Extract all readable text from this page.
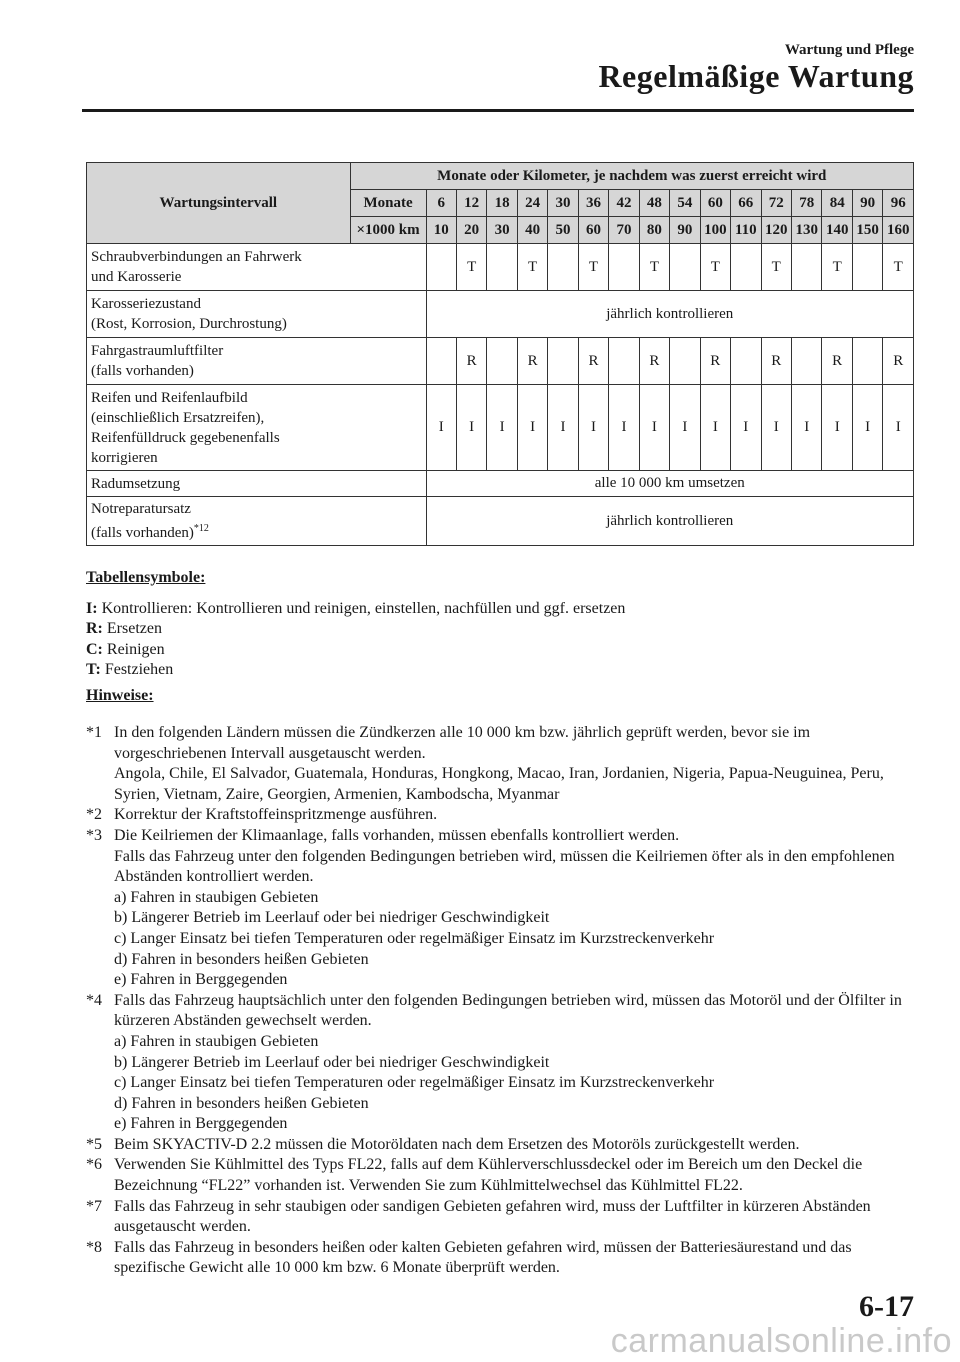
Wartung und Pflege
Regelmäßige Wartung
Wartungsintervall	Monate oder Kilometer, je nachdem was zuerst erreicht wird																
	Monate	6	12	18	24	30	36	42	48	54	60	66	72	78	84	90	96
	×1000 km	10	20	30	40	50	60	70	80	90	100	110	120	130	140	150	160
Schraubverbindungen an Fahrwerk
und Karosserie			T		T		T		T		T		T		T		T
Karosseriezustand
(Rost, Korrosion, Durchrostung)		jährlich kontrollieren															
Fahrgastraumluftfilter
(falls vorhanden)			R		R		R		R		R		R		R		R
Reifen und Reifenlaufbild
(einschließlich Ersatzreifen),
Reifenfülldruck gegebenenfalls
korrigieren		I	I	I	I	I	I	I	I	I	I	I	I	I	I	I	I
Radumsetzung		alle 10 000 km umsetzen															
Notreparatursatz
(falls vorhanden)$^{*12}$		jährlich kontrollieren															
Tabellensymbole:
I: Kontrollieren: Kontrollieren und reinigen, einstellen, nachfüllen und ggf. ersetzen
R: Ersetzen
C: Reinigen
T: Festziehen
Hinweise:
*1 In den folgenden Ländern müssen die Zündkerzen alle 10 000 km bzw. jährlich geprüft werden, bevor sie im vorgeschriebenen Intervall ausgetauscht werden.
Angola, Chile, El Salvador, Guatemala, Honduras, Hongkong, Macao, Iran, Jordanien, Nigeria, Papua-Neuguinea, Peru, Syrien, Vietnam, Zaire, Georgien, Armenien, Kambodscha, Myanmar
*2 Korrektur der Kraftstoffeinspritzmenge ausführen.
*3 Die Keilriemen der Klimaanlage, falls vorhanden, müssen ebenfalls kontrolliert werden.
Falls das Fahrzeug unter den folgenden Bedingungen betrieben wird, müssen die Keilriemen öfter als in den empfohlenen Abständen kontrolliert werden.
a) Fahren in staubigen Gebieten
b) Längerer Betrieb im Leerlauf oder bei niedriger Geschwindigkeit
c) Langer Einsatz bei tiefen Temperaturen oder regelmäßiger Einsatz im Kurzstreckenverkehr
d) Fahren in besonders heißen Gebieten
e) Fahren in Berggegenden
*4 Falls das Fahrzeug hauptsächlich unter den folgenden Bedingungen betrieben wird, müssen das Motoröl und der Ölfilter in kürzeren Abständen gewechselt werden.
a) Fahren in staubigen Gebieten
b) Längerer Betrieb im Leerlauf oder bei niedriger Geschwindigkeit
c) Langer Einsatz bei tiefen Temperaturen oder regelmäßiger Einsatz im Kurzstreckenverkehr
d) Fahren in besonders heißen Gebieten
e) Fahren in Berggegenden
*5 Beim SKYACTIV-D 2.2 müssen die Motoröldaten nach dem Ersetzen des Motoröls zurückgestellt werden.
*6 Verwenden Sie Kühlmittel des Typs FL22, falls auf dem Kühlerverschlussdeckel oder im Bereich um den Deckel die Bezeichnung “FL22” vorhanden ist. Verwenden Sie zum Kühlmittelwechsel das Kühlmittel FL22.
*7 Falls das Fahrzeug in sehr staubigen oder sandigen Gebieten gefahren wird, muss der Luftfilter in kürzeren Abständen ausgetauscht werden.
*8 Falls das Fahrzeug in besonders heißen oder kalten Gebieten gefahren wird, müssen der Batteriesäurestand und das spezifische Gewicht alle 10 000 km bzw. 6 Monate überprüft werden.
6-17
carmanualsonline.info
